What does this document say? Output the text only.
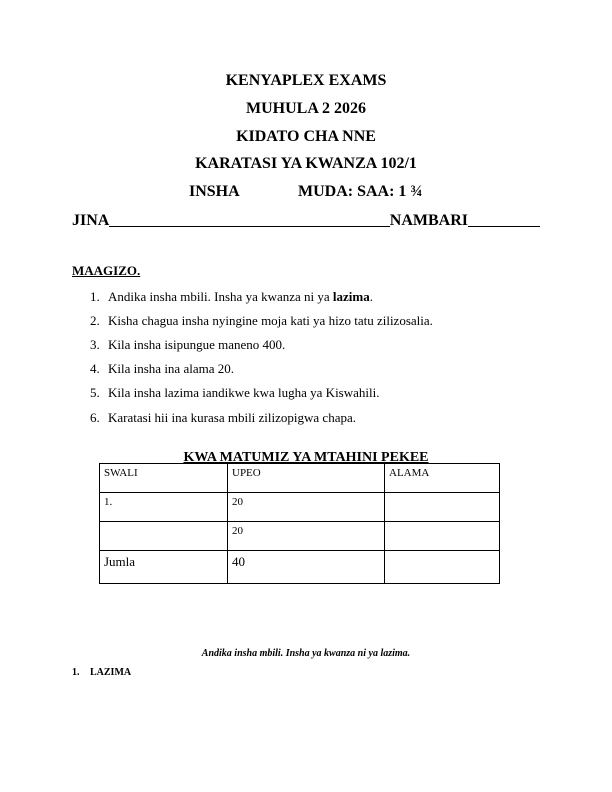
KENYAPLEX EXAMS
MUHULA 2 2026
KIDATO CHA NNE
KARATASI YA KWANZA 102/1
INSHA	MUDA: SAA: 1 ¾
JINA	NAMBARI
MAAGIZO.
1. Andika insha mbili. Insha ya kwanza ni ya lazima.
2. Kisha chagua insha nyingine moja kati ya hizo tatu zilizosalia.
3. Kila insha isipungue maneno 400.
4. Kila insha ina alama 20.
5. Kila insha lazima iandikwe kwa lugha ya Kiswahili.
6. Karatasi hii ina kurasa mbili zilizopigwa chapa.
KWA MATUMIZ YA MTAHINI PEKEE
SWALI	UPEO	ALAMA
1.	20	
	20	
Jumla	40	
Andika insha mbili. Insha ya kwanza ni ya lazima.
1. LAZIMA
